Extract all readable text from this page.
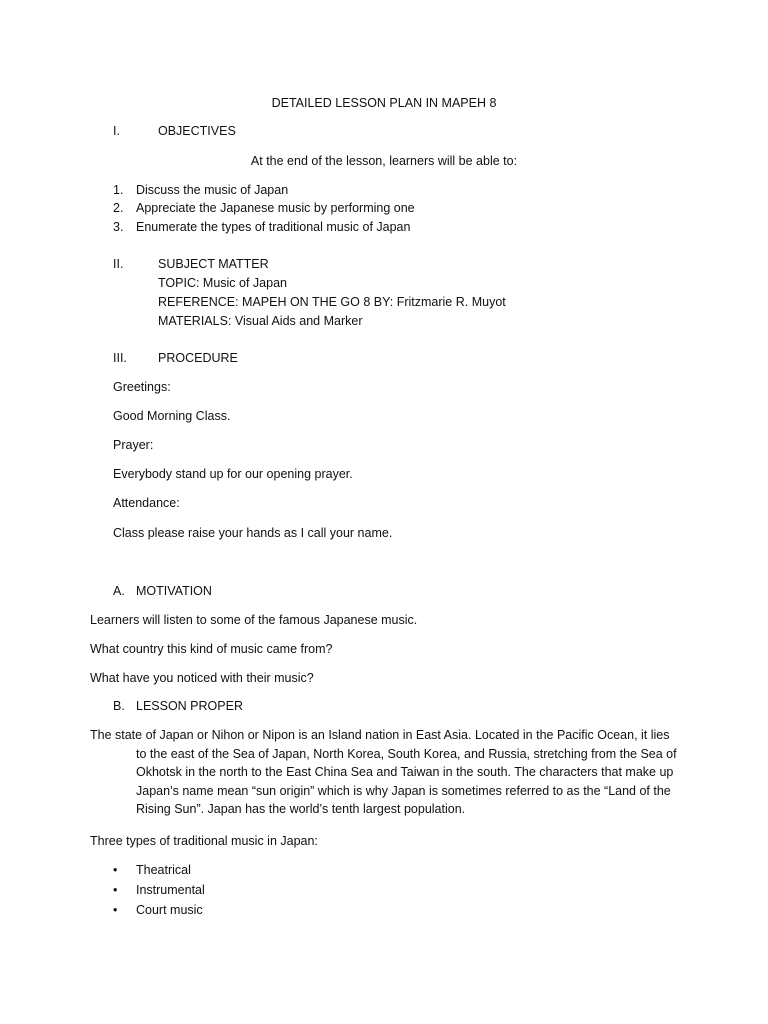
DETAILED LESSON PLAN IN MAPEH 8
I.	OBJECTIVES
At the end of the lesson, learners will be able to:
1. Discuss the music of Japan
2. Appreciate the Japanese music by performing one
3. Enumerate the types of traditional music of Japan
II.	SUBJECT MATTER
TOPIC: Music of Japan
REFERENCE: MAPEH ON THE GO 8 BY: Fritzmarie R. Muyot
MATERIALS: Visual Aids and Marker
III. PROCEDURE
Greetings:
Good Morning Class.
Prayer:
Everybody stand up for our opening prayer.
Attendance:
Class please raise your hands as I call your name.
A. MOTIVATION
Learners will listen to some of the famous Japanese music.
What country this kind of music came from?
What have you noticed with their music?
B. LESSON PROPER
The state of Japan or Nihon or Nipon is an Island nation in East Asia. Located in the Pacific Ocean, it lies
to the east of the Sea of Japan, North Korea, South Korea, and Russia, stretching from the Sea of
Okhotsk in the north to the East China Sea and Taiwan in the south. The characters that make up
Japan’s name mean “sun origin” which is why Japan is sometimes referred to as the “Land of the
Rising Sun”. Japan has the world’s tenth largest population.
Three types of traditional music in Japan:
• Theatrical
• Instrumental
• Court music
